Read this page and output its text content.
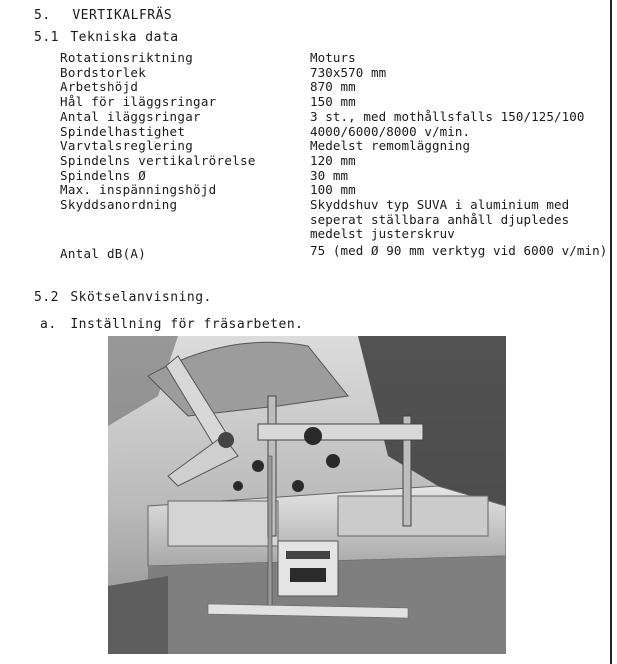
5. VERTIKALFRÄS
5.1 Tekniska data
Rotationsriktning	Moturs
Bordstorlek	730x570 mm
Arbetshöjd	870 mm
Hål för iläggsringar	150 mm
Antal iläggsringar	3 st., med mothållsfalls 150/125/100
Spindelhastighet	4000/6000/8000 v/min.
Varvtalsreglering	Medelst remomläggning
Spindelns vertikalrörelse	120 mm
Spindelns Ø	30 mm
Max. inspänningshöjd	100 mm
Skyddsanordning	Skyddshuv typ SUVA i aluminium med
seperat ställbara anhåll djupledes
medelst justerskruv
Antal dB(A)	75 (med Ø 90 mm verktyg vid 6000 v/min)
5.2 Skötselanvisning.
a. Inställning för fräsarbeten.
